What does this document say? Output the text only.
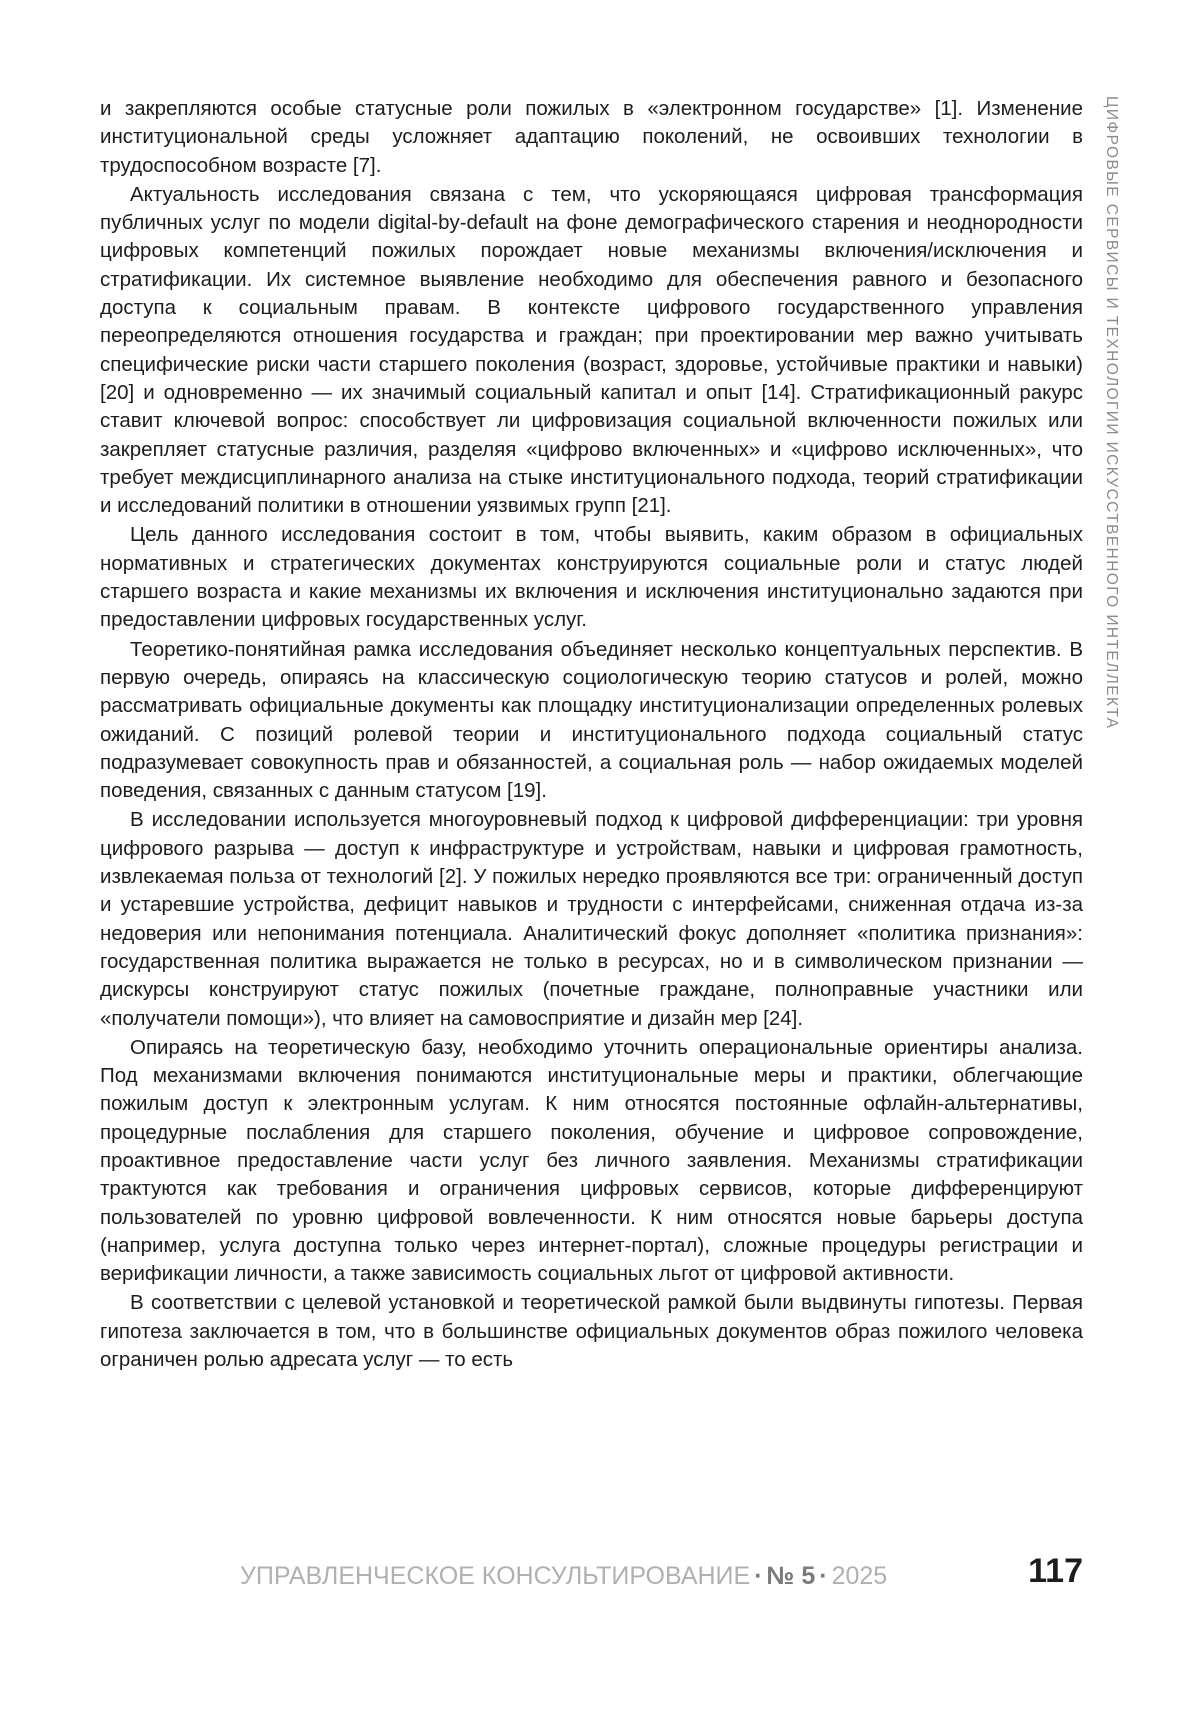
ЦИФРОВЫЕ СЕРВИСЫ И ТЕХНОЛОГИИ ИСКУССТВЕННОГО ИНТЕЛЛЕКТА

и закрепляются особые статусные роли пожилых в «электронном государстве» [1]. Изменение институциональной среды усложняет адаптацию поколений, не освоивших технологии в трудоспособном возрасте [7].

Актуальность исследования связана с тем, что ускоряющаяся цифровая трансформация публичных услуг по модели digital-by-default на фоне демографического старения и неоднородности цифровых компетенций пожилых порождает новые механизмы включения/исключения и стратификации. Их системное выявление необходимо для обеспечения равного и безопасного доступа к социальным правам. В контексте цифрового государственного управления переопределяются отношения государства и граждан; при проектировании мер важно учитывать специфические риски части старшего поколения (возраст, здоровье, устойчивые практики и навыки) [20] и одновременно — их значимый социальный капитал и опыт [14]. Стратификационный ракурс ставит ключевой вопрос: способствует ли цифровизация социальной включенности пожилых или закрепляет статусные различия, разделяя «цифрово включенных» и «цифрово исключенных», что требует междисциплинарного анализа на стыке институционального подхода, теорий стратификации и исследований политики в отношении уязвимых групп [21].

Цель данного исследования состоит в том, чтобы выявить, каким образом в официальных нормативных и стратегических документах конструируются социальные роли и статус людей старшего возраста и какие механизмы их включения и исключения институционально задаются при предоставлении цифровых государственных услуг.

Теоретико-понятийная рамка исследования объединяет несколько концептуальных перспектив. В первую очередь, опираясь на классическую социологическую теорию статусов и ролей, можно рассматривать официальные документы как площадку институционализации определенных ролевых ожиданий. С позиций ролевой теории и институционального подхода социальный статус подразумевает совокупность прав и обязанностей, а социальная роль — набор ожидаемых моделей поведения, связанных с данным статусом [19].

В исследовании используется многоуровневый подход к цифровой дифференциации: три уровня цифрового разрыва — доступ к инфраструктуре и устройствам, навыки и цифровая грамотность, извлекаемая польза от технологий [2]. У пожилых нередко проявляются все три: ограниченный доступ и устаревшие устройства, дефицит навыков и трудности с интерфейсами, сниженная отдача из-за недоверия или непонимания потенциала. Аналитический фокус дополняет «политика признания»: государственная политика выражается не только в ресурсах, но и в символическом признании — дискурсы конструируют статус пожилых (почетные граждане, полноправные участники или «получатели помощи»), что влияет на самовосприятие и дизайн мер [24].

Опираясь на теоретическую базу, необходимо уточнить операциональные ориентиры анализа. Под механизмами включения понимаются институциональные меры и практики, облегчающие пожилым доступ к электронным услугам. К ним относятся постоянные офлайн-альтернативы, процедурные послабления для старшего поколения, обучение и цифровое сопровождение, проактивное предоставление части услуг без личного заявления. Механизмы стратификации трактуются как требования и ограничения цифровых сервисов, которые дифференцируют пользователей по уровню цифровой вовлеченности. К ним относятся новые барьеры доступа (например, услуга доступна только через интернет-портал), сложные процедуры регистрации и верификации личности, а также зависимость социальных льгот от цифровой активности.

В соответствии с целевой установкой и теоретической рамкой были выдвинуты гипотезы. Первая гипотеза заключается в том, что в большинстве официальных документов образ пожилого человека ограничен ролью адресата услуг — то есть

УПРАВЛЕНЧЕСКОЕ КОНСУЛЬТИРОВАНИЕ · № 5 · 2025	117
